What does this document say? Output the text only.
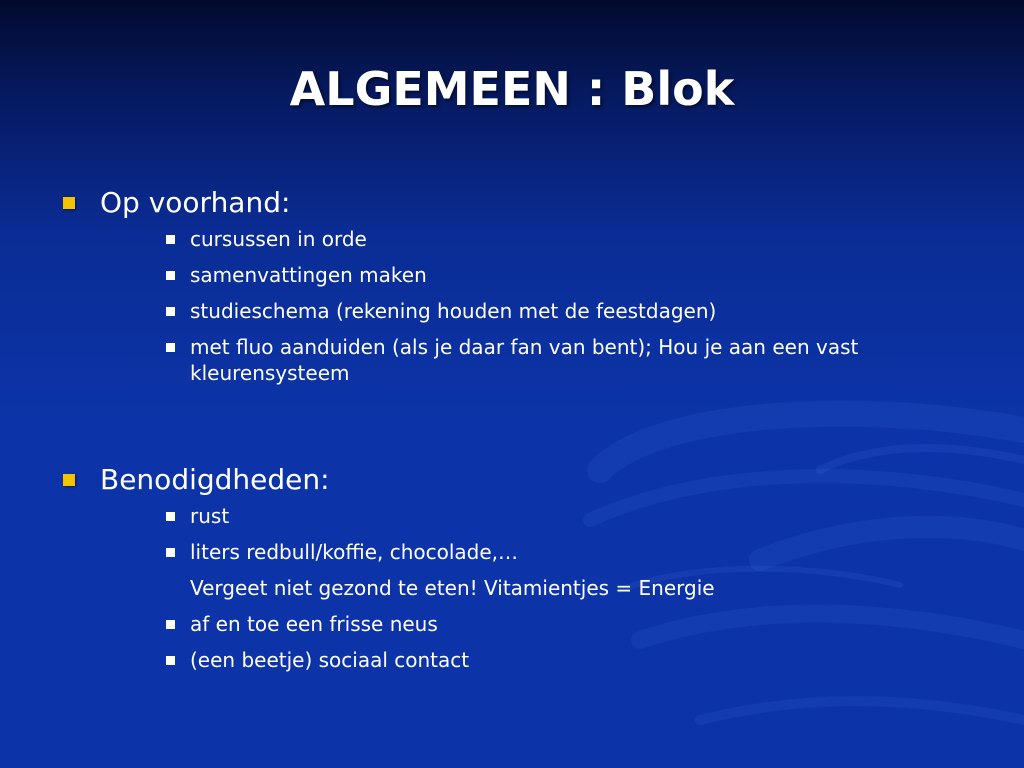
ALGEMEEN : Blok
Op voorhand:
cursussen in orde
samenvattingen maken
studieschema (rekening houden met de feestdagen)
met fluo aanduiden (als je daar fan van bent); Hou je aan een vast kleurensysteem
Benodigdheden:
rust
liters redbull/koffie, chocolade,…
Vergeet niet gezond te eten! Vitamientjes = Energie
af en toe een frisse neus
(een beetje) sociaal contact
